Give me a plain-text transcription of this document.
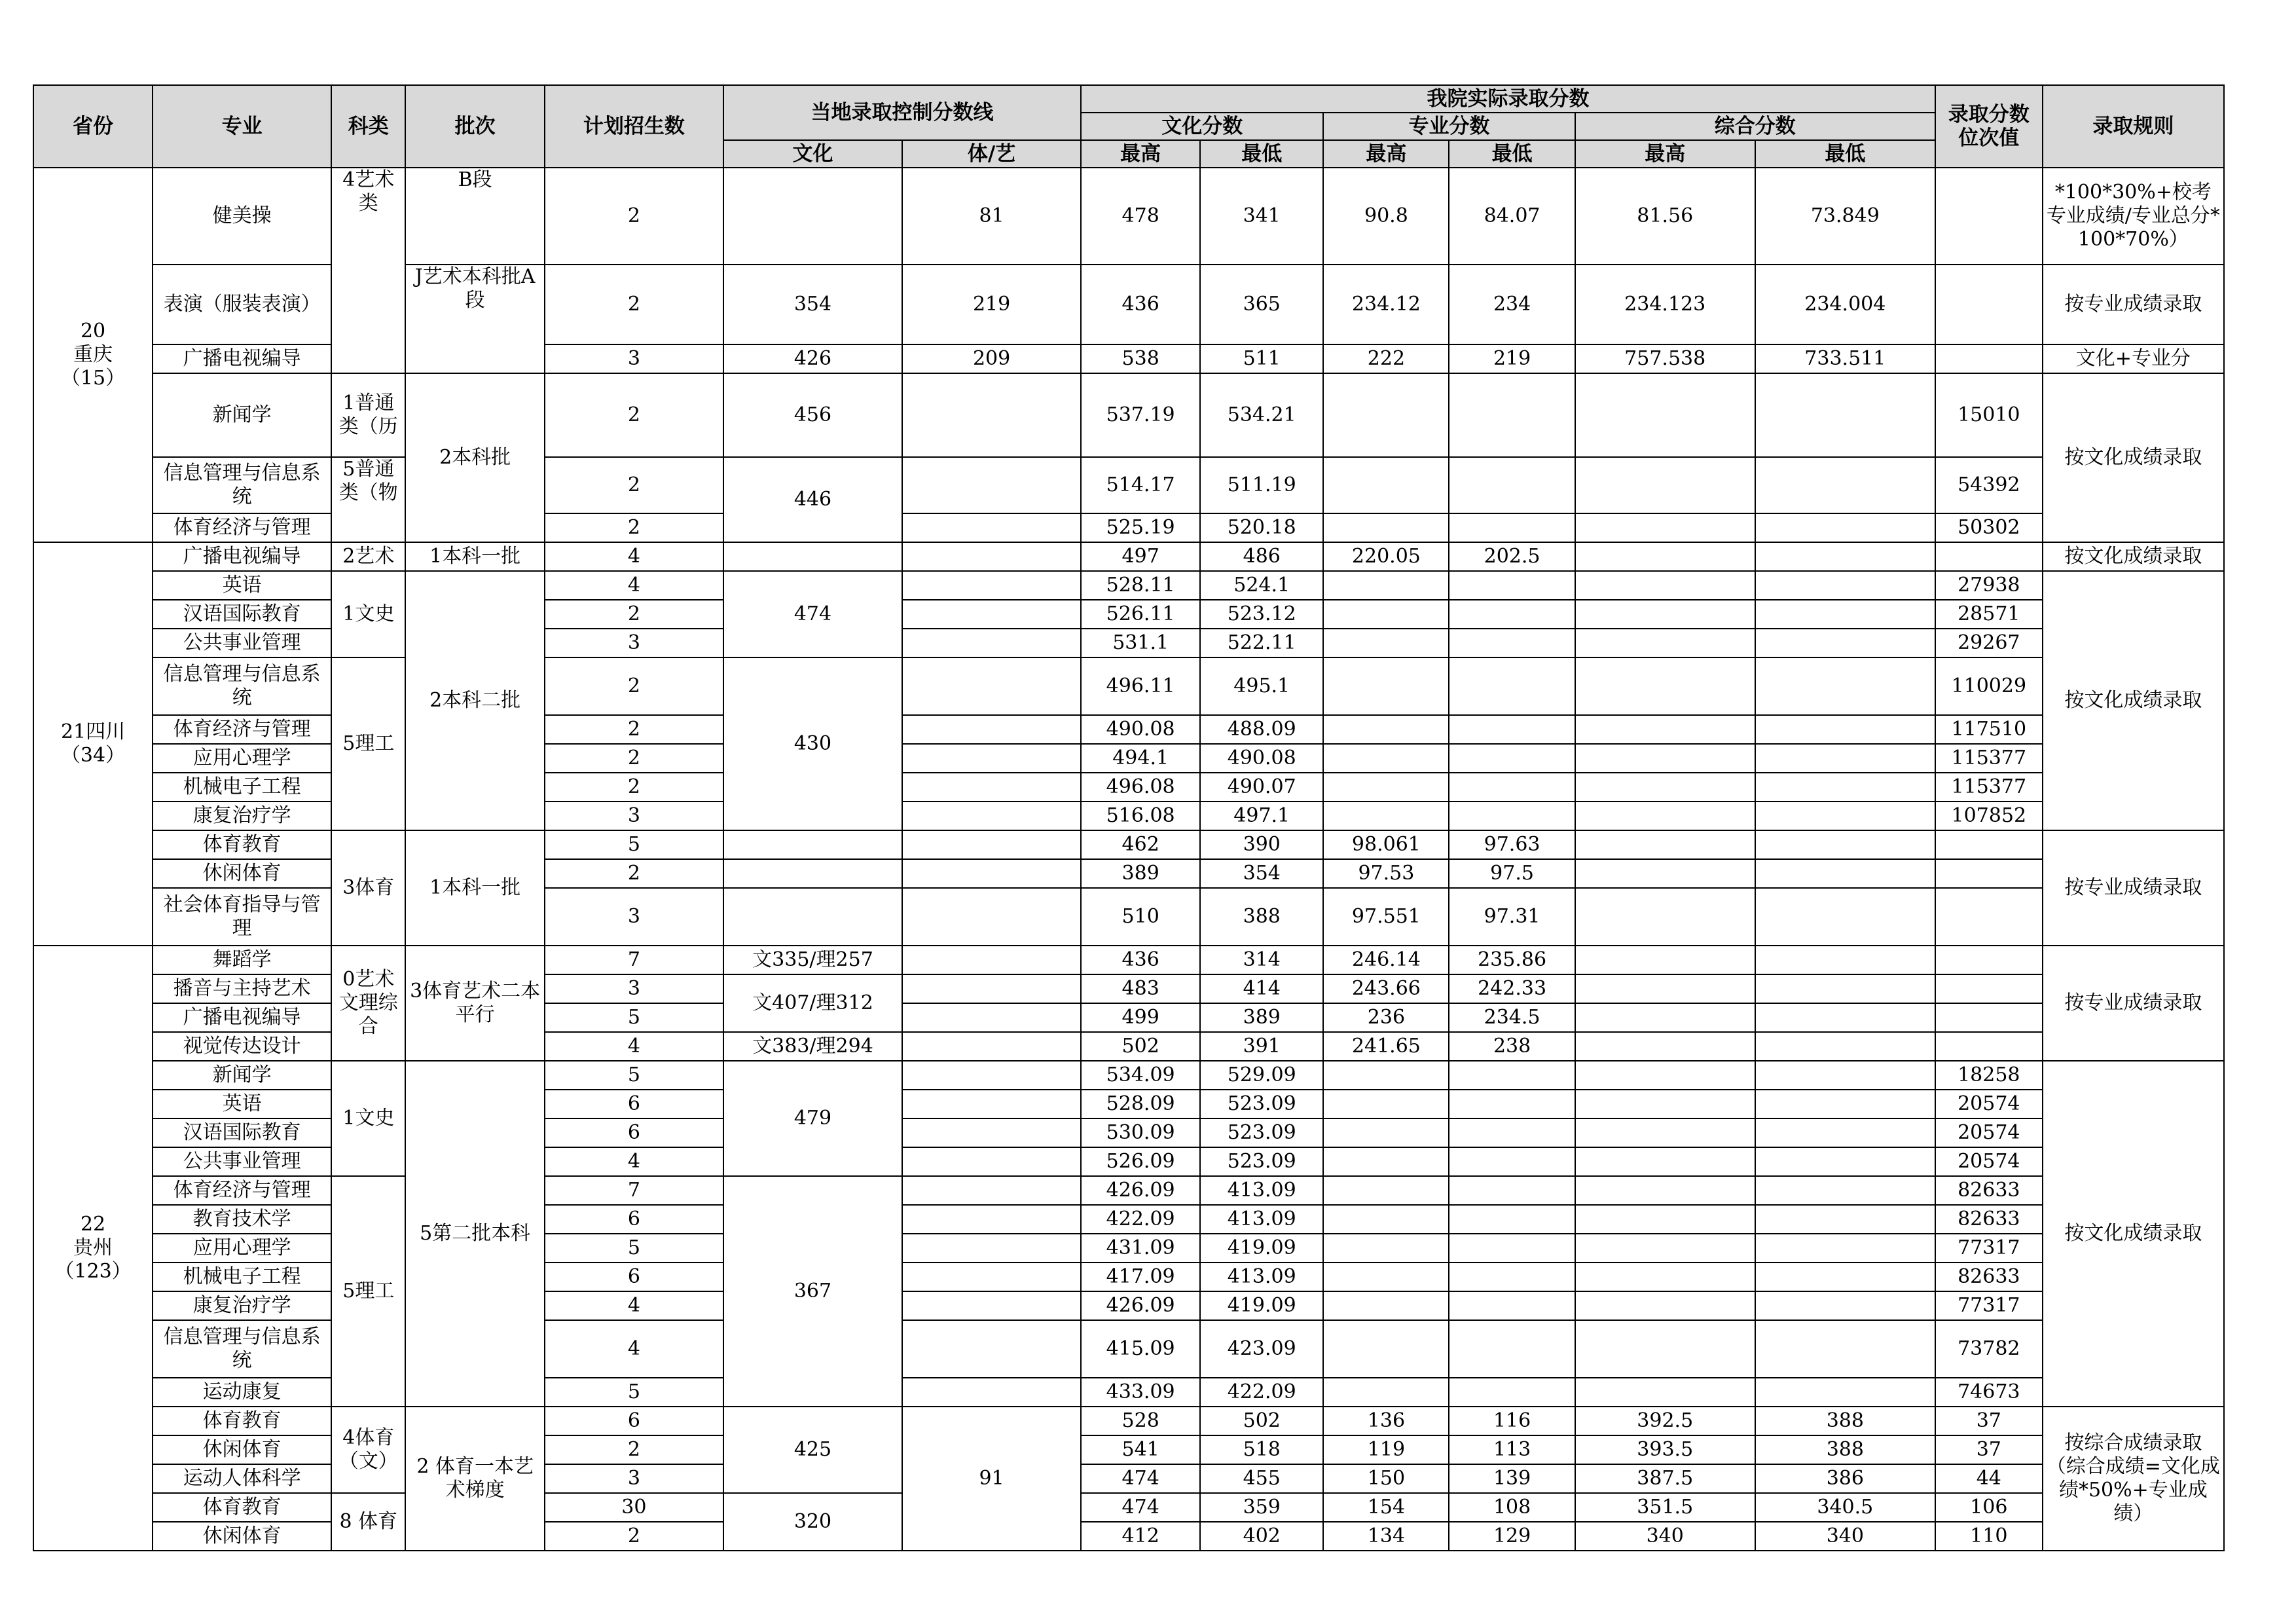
省份	专业	科类	批次	计划招生数	当地录取控制分数线		我院实际录取分数						录取分数位次值	录取规则
							文化分数		专业分数		综合分数			
					文化	体/艺	最高	最低	最高	最低	最高	最低		
20
重庆
（15）	健美操	4艺术类	B段	2		81	478	341	90.8	84.07	81.56	73.849		*100*30%+校考专业成绩/专业总分*100*70%）
	表演（服装表演）		J艺术本科批A段	2	354	219	436	365	234.12	234	234.123	234.004		按专业成绩录取
	广播电视编导			3	426	209	538	511	222	219	757.538	733.511		文化+专业分
	新闻学	1普通类（历	2本科批	2	456		537.19	534.21					15010	按文化成绩录取
	信息管理与信息系统	5普通类（物		2	446		514.17	511.19					54392	
	体育经济与管理			2			525.19	520.18					50302	
21四川
（34）	广播电视编导	2艺术	1本科一批	4			497	486	220.05	202.5				按文化成绩录取
	英语	1文史	2本科二批	4	474		528.11	524.1					27938	按文化成绩录取
	汉语国际教育			2			526.11	523.12					28571	
	公共事业管理			3			531.1	522.11					29267	
	信息管理与信息系统	5理工		2	430		496.11	495.1					110029	
	体育经济与管理			2			490.08	488.09					117510	
	应用心理学			2			494.1	490.08					115377	
	机械电子工程			2			496.08	490.07					115377	
	康复治疗学			3			516.08	497.1					107852	
	体育教育	3体育	1本科一批	5			462	390	98.061	97.63				按专业成绩录取
	休闲体育			2			389	354	97.53	97.5				
	社会体育指导与管理			3			510	388	97.551	97.31				
22
贵州
（123）	舞蹈学	0艺术文理综合	3体育艺术二本平行	7	文335/理257		436	314	246.14	235.86				按专业成绩录取
	播音与主持艺术			3	文407/理312		483	414	243.66	242.33				
	广播电视编导			5			499	389	236	234.5				
	视觉传达设计			4	文383/理294		502	391	241.65	238				
	新闻学	1文史	5第二批本科	5	479		534.09	529.09					18258	按文化成绩录取
	英语			6			528.09	523.09					20574	
	汉语国际教育			6			530.09	523.09					20574	
	公共事业管理			4			526.09	523.09					20574	
	体育经济与管理	5理工		7	367		426.09	413.09					82633	
	教育技术学			6			422.09	413.09					82633	
	应用心理学			5			431.09	419.09					77317	
	机械电子工程			6			417.09	413.09					82633	
	康复治疗学			4			426.09	419.09					77317	
	信息管理与信息系统			4			415.09	423.09					73782	
	运动康复			5			433.09	422.09					74673	
	体育教育	4体育（文）	2 体育一本艺术梯度	6	425	91	528	502	136	116	392.5	388	37	按综合成绩录取（综合成绩=文化成绩*50%+专业成绩）
	休闲体育			2			541	518	119	113	393.5	388	37	
	运动人体科学			3			474	455	150	139	387.5	386	44	
	体育教育	8 体育		30	320		474	359	154	108	351.5	340.5	106	
	休闲体育			2			412	402	134	129	340	340	110	
